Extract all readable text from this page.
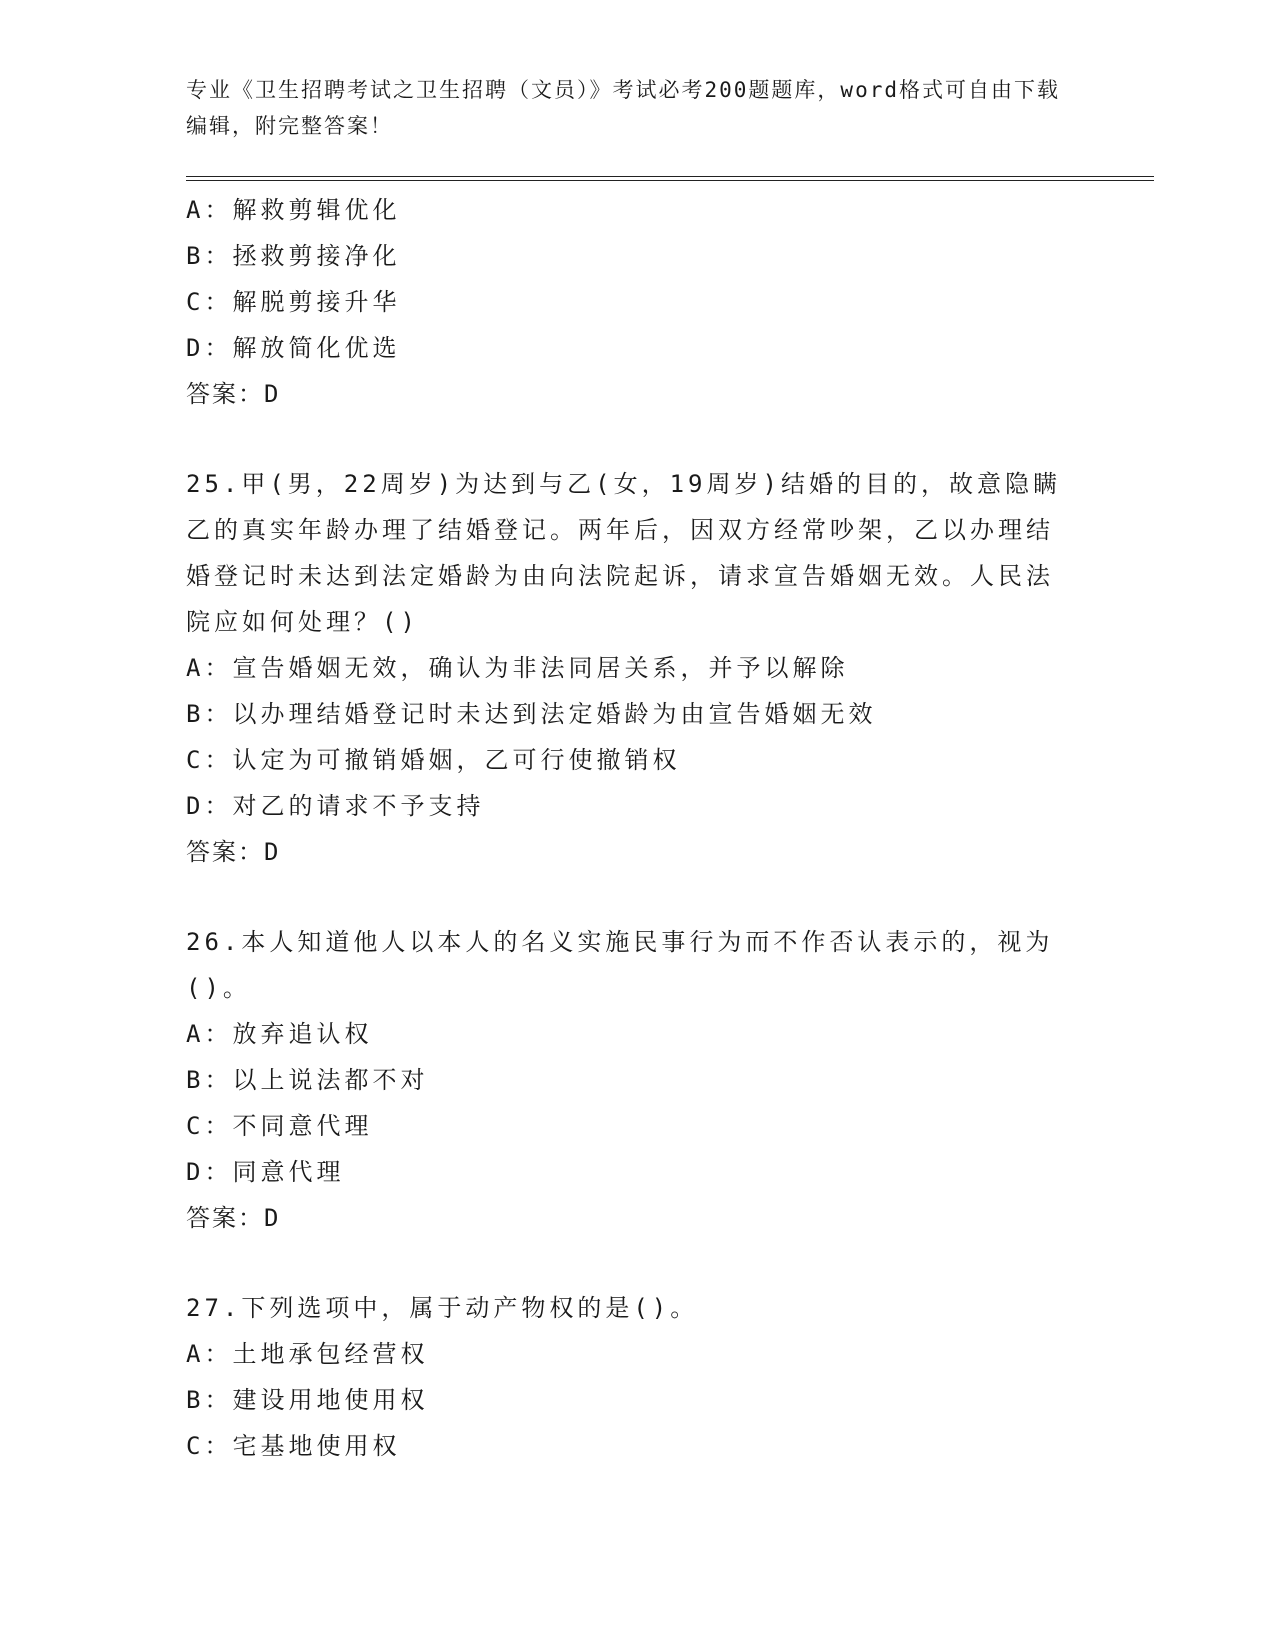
专业《卫生招聘考试之卫生招聘（文员）》考试必考200题题库，word格式可自由下载编辑，附完整答案！

A：解救剪辑优化
B：拯救剪接净化
C：解脱剪接升华
D：解放简化优选
答案：D
25.甲(男，22周岁)为达到与乙(女，19周岁)结婚的目的，故意隐瞒乙的真实年龄办理了结婚登记。两年后，因双方经常吵架，乙以办理结婚登记时未达到法定婚龄为由向法院起诉，请求宣告婚姻无效。人民法院应如何处理？()
A：宣告婚姻无效，确认为非法同居关系，并予以解除
B：以办理结婚登记时未达到法定婚龄为由宣告婚姻无效
C：认定为可撤销婚姻，乙可行使撤销权
D：对乙的请求不予支持
答案：D
26.本人知道他人以本人的名义实施民事行为而不作否认表示的，视为()。
A：放弃追认权
B：以上说法都不对
C：不同意代理
D：同意代理
答案：D
27.下列选项中，属于动产物权的是()。
A：土地承包经营权
B：建设用地使用权
C：宅基地使用权
